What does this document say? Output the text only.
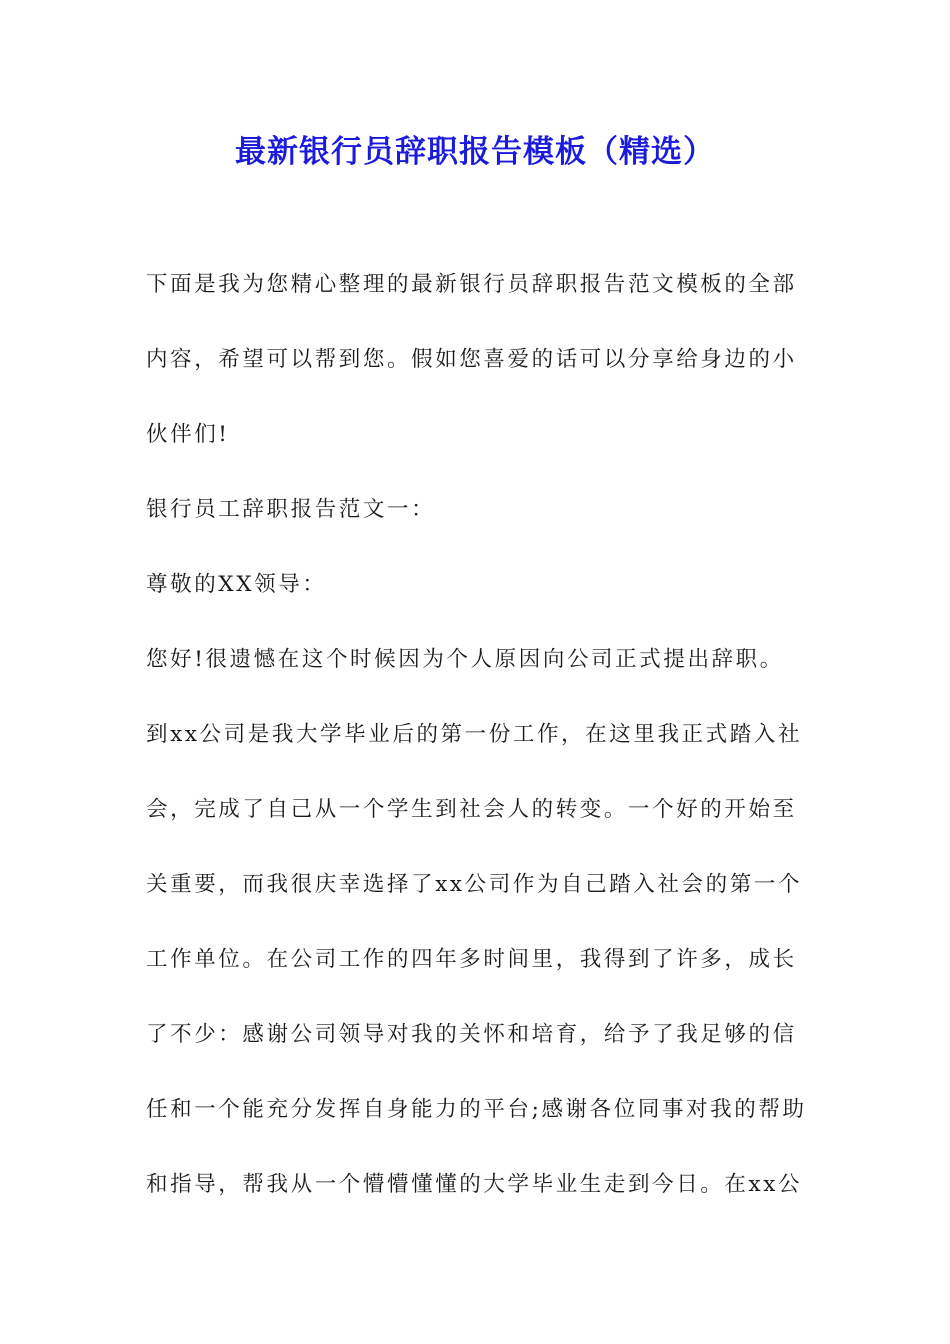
最新银行员辞职报告模板（精选）
下面是我为您精心整理的最新银行员辞职报告范文模板的全部
内容，希望可以帮到您。假如您喜爱的话可以分享给身边的小
伙伴们!
银行员工辞职报告范文一：
尊敬的XX领导：
您好!很遗憾在这个时候因为个人原因向公司正式提出辞职。
到xx公司是我大学毕业后的第一份工作，在这里我正式踏入社
会，完成了自己从一个学生到社会人的转变。一个好的开始至
关重要，而我很庆幸选择了xx公司作为自己踏入社会的第一个
工作单位。在公司工作的四年多时间里，我得到了许多，成长
了不少：感谢公司领导对我的关怀和培育，给予了我足够的信
任和一个能充分发挥自身能力的平台;感谢各位同事对我的帮助
和指导，帮我从一个懵懵懂懂的大学毕业生走到今日。在xx公
